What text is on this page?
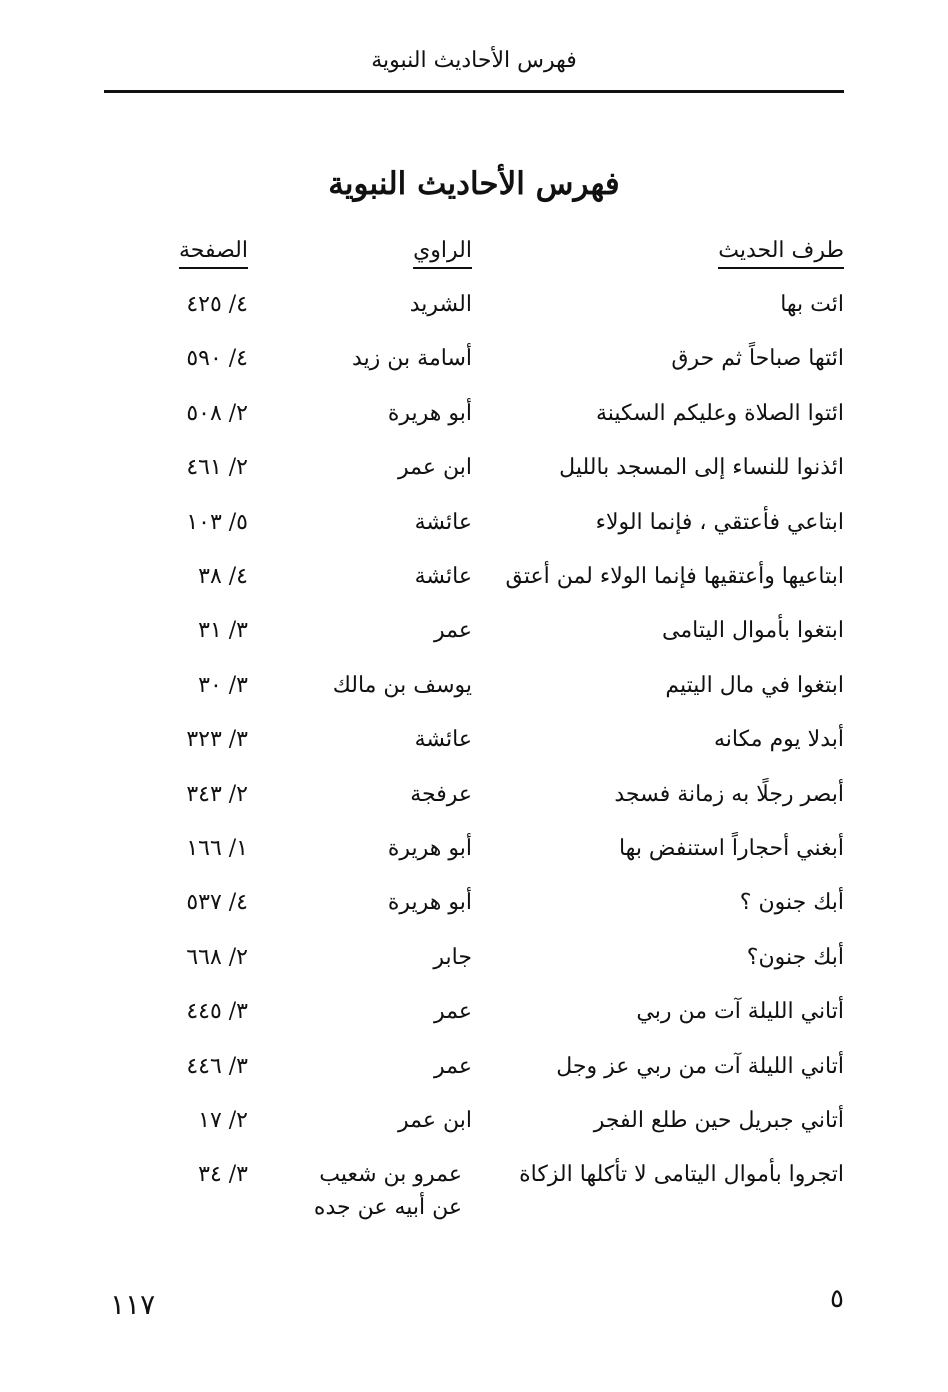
فهرس الأحاديث النبوية
فهرس الأحاديث النبوية
طرف الحديث
الراوي
الصفحة
ائت بها
الشريد
٤/ ٤٢٥
ائتها صباحاً ثم حرق
أسامة بن زيد
٤/ ٥٩٠
ائتوا الصلاة وعليكم السكينة
أبو هريرة
٢/ ٥٠٨
ائذنوا للنساء إلى المسجد بالليل
ابن عمر
٢/ ٤٦١
ابتاعي فأعتقي ، فإنما الولاء
عائشة
٥/ ١٠٣
ابتاعيها وأعتقيها فإنما الولاء لمن أعتق
عائشة
٤/ ٣٨
ابتغوا بأموال اليتامى
عمر
٣/ ٣١
ابتغوا في مال اليتيم
يوسف بن مالك
٣/ ٣٠
أبدلا يوم مكانه
عائشة
٣/ ٣٢٣
أبصر رجلًا به زمانة فسجد
عرفجة
٢/ ٣٤٣
أبغني أحجاراً استنفض بها
أبو هريرة
١/ ١٦٦
أبك جنون ؟
أبو هريرة
٤/ ٥٣٧
أبك جنون؟
جابر
٢/ ٦٦٨
أتاني الليلة آت من ربي
عمر
٣/ ٤٤٥
أتاني الليلة آت من ربي عز وجل
عمر
٣/ ٤٤٦
أتاني جبريل حين طلع الفجر
ابن عمر
٢/ ١٧
اتجروا بأموال اليتامى لا تأكلها الزكاة
عمرو بن شعيب
عن أبيه عن جده
٣/ ٣٤
١١٧	٥
